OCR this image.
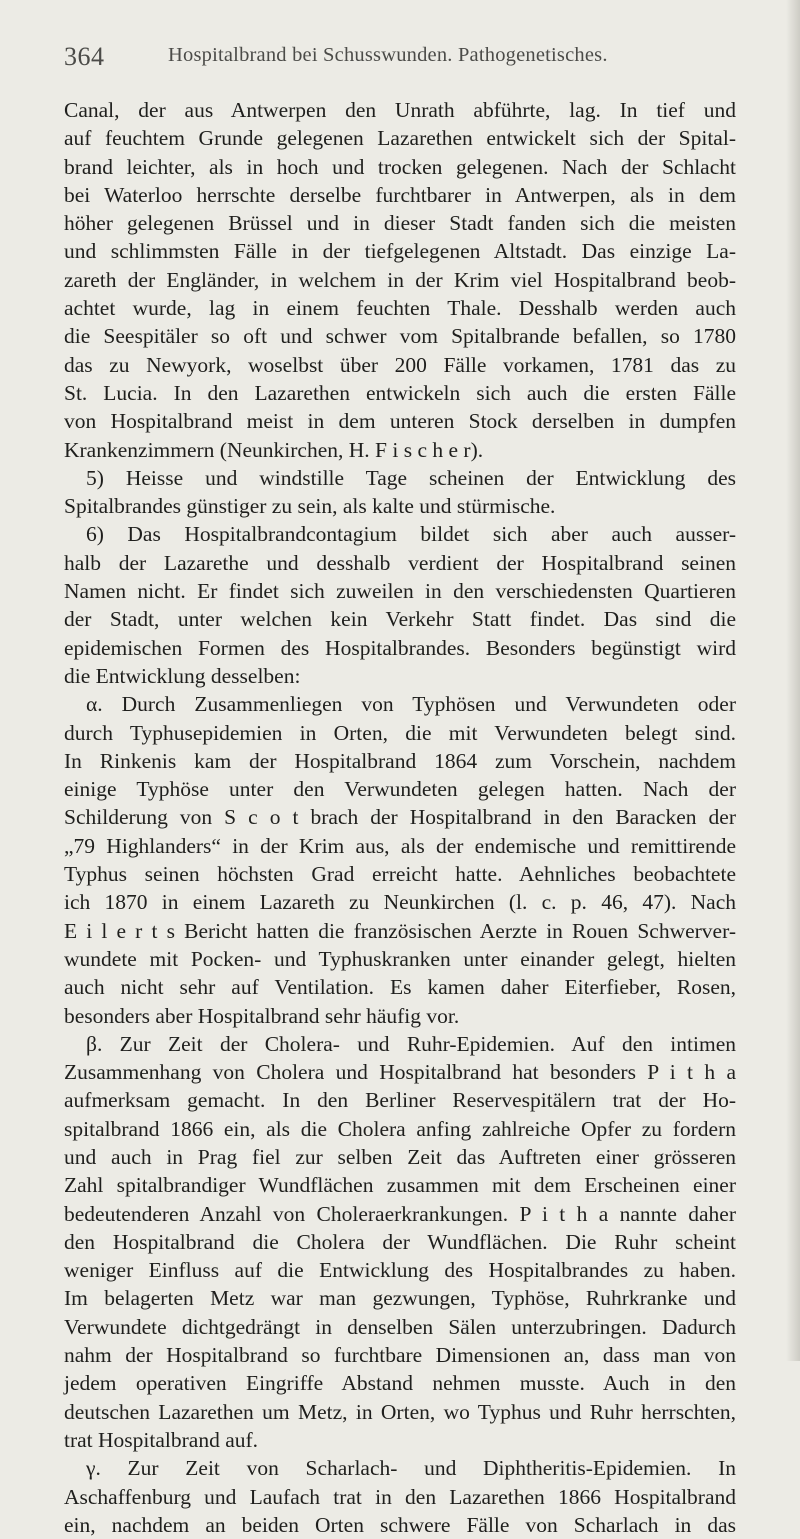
364	Hospitalbrand bei Schusswunden. Pathogenetisches.
Canal, der aus Antwerpen den Unrath abführte, lag. In tief und
auf feuchtem Grunde gelegenen Lazarethen entwickelt sich der Spital-
brand leichter, als in hoch und trocken gelegenen. Nach der Schlacht
bei Waterloo herrschte derselbe furchtbarer in Antwerpen, als in dem
höher gelegenen Brüssel und in dieser Stadt fanden sich die meisten
und schlimmsten Fälle in der tiefgelegenen Altstadt. Das einzige La-
zareth der Engländer, in welchem in der Krim viel Hospitalbrand beob-
achtet wurde, lag in einem feuchten Thale. Desshalb werden auch
die Seespitäler so oft und schwer vom Spitalbrande befallen, so 1780
das zu Newyork, woselbst über 200 Fälle vorkamen, 1781 das zu
St. Lucia. In den Lazarethen entwickeln sich auch die ersten Fälle
von Hospitalbrand meist in dem unteren Stock derselben in dumpfen
Krankenzimmern (Neunkirchen, H. F i s c h e r).
5) Heisse und windstille Tage scheinen der Entwicklung des
Spitalbrandes günstiger zu sein, als kalte und stürmische.
6) Das Hospitalbrandcontagium bildet sich aber auch ausser-
halb der Lazarethe und desshalb verdient der Hospitalbrand seinen
Namen nicht. Er findet sich zuweilen in den verschiedensten Quartieren
der Stadt, unter welchen kein Verkehr Statt findet. Das sind die
epidemischen Formen des Hospitalbrandes. Besonders begünstigt wird
die Entwicklung desselben:
α. Durch Zusammenliegen von Typhösen und Verwundeten oder
durch Typhusepidemien in Orten, die mit Verwundeten belegt sind.
In Rinkenis kam der Hospitalbrand 1864 zum Vorschein, nachdem
einige Typhöse unter den Verwundeten gelegen hatten. Nach der
Schilderung von S c o t brach der Hospitalbrand in den Baracken der
„79 Highlanders“ in der Krim aus, als der endemische und remittirende
Typhus seinen höchsten Grad erreicht hatte. Aehnliches beobachtete
ich 1870 in einem Lazareth zu Neunkirchen (l. c. p. 46, 47). Nach
E i l e r t s Bericht hatten die französischen Aerzte in Rouen Schwerver-
wundete mit Pocken- und Typhuskranken unter einander gelegt, hielten
auch nicht sehr auf Ventilation. Es kamen daher Eiterfieber, Rosen,
besonders aber Hospitalbrand sehr häufig vor.
β. Zur Zeit der Cholera- und Ruhr-Epidemien. Auf den intimen
Zusammenhang von Cholera und Hospitalbrand hat besonders P i t h a
aufmerksam gemacht. In den Berliner Reservespitälern trat der Ho-
spitalbrand 1866 ein, als die Cholera anfing zahlreiche Opfer zu fordern
und auch in Prag fiel zur selben Zeit das Auftreten einer grösseren
Zahl spitalbrandiger Wundflächen zusammen mit dem Erscheinen einer
bedeutenderen Anzahl von Choleraerkrankungen. P i t h a nannte daher
den Hospitalbrand die Cholera der Wundflächen. Die Ruhr scheint
weniger Einfluss auf die Entwicklung des Hospitalbrandes zu haben.
Im belagerten Metz war man gezwungen, Typhöse, Ruhrkranke und
Verwundete dichtgedrängt in denselben Sälen unterzubringen. Dadurch
nahm der Hospitalbrand so furchtbare Dimensionen an, dass man von
jedem operativen Eingriffe Abstand nehmen musste. Auch in den
deutschen Lazarethen um Metz, in Orten, wo Typhus und Ruhr herrschten,
trat Hospitalbrand auf.
γ. Zur Zeit von Scharlach- und Diphtheritis-Epidemien. In
Aschaffenburg und Laufach trat in den Lazarethen 1866 Hospitalbrand
ein, nachdem an beiden Orten schwere Fälle von Scharlach in das
